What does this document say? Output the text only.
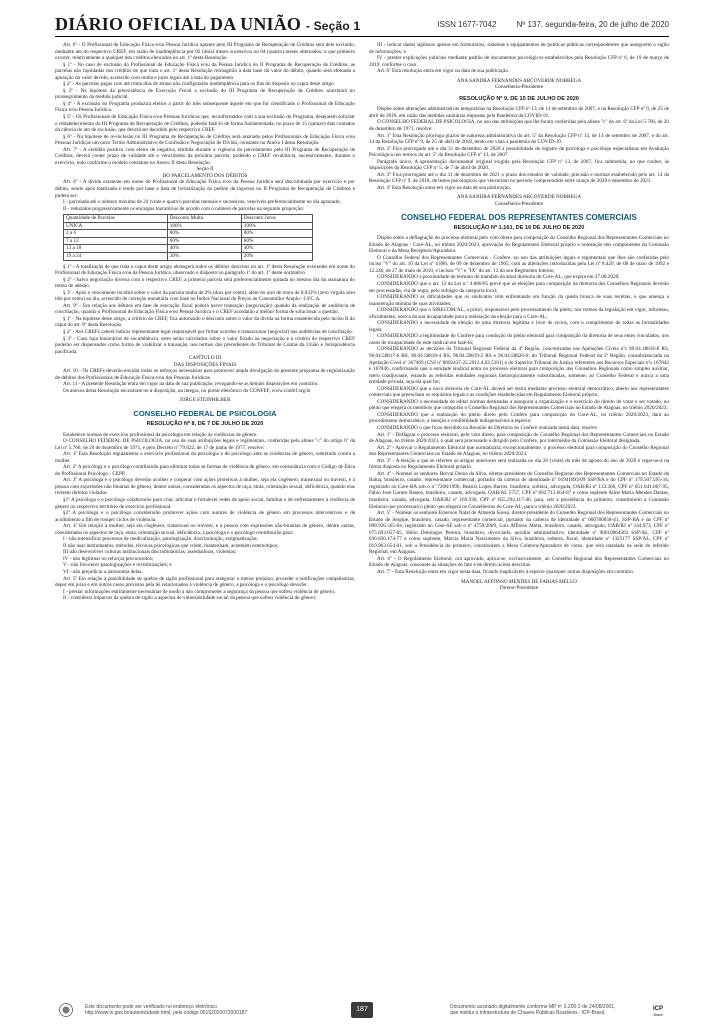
DIÁRIO OFICIAL DA UNIÃO - Seção 1	ISSN 1677-7042	Nº 137, segunda-feira, 20 de julho de 2020

Art. 6º - O Profissional de Educação Física e/ou Pessoa Jurídica optante pelo III Programa de Recuperação de Créditos será dele excluído, mediante ato do respectivo CREF, em razão de inadimplência por 02 (dois) meses sucessivos ou 04 (quatro) meses alternados, o que primeiro ocorrer, relativamente a qualquer dos créditos elencados no art. 1º desta Resolução.

§ 1º - No caso de exclusão do Profissional de Educação Física e/ou da Pessoa Jurídica do II Programa de Recuperação de Créditos, as parcelas não liquidadas dos créditos de que trata o art. 1º desta Resolução retroagirão à data base do valor do débito, quando será efetuada a apuração do valor devido, acrescido com multa e juros legais até a data do pagamento.

§ 2º - As parcelas pagas com até trinta dias de atraso não configurarão inadimplência para os fins do disposto no caput deste artigo.

§ 3º - Na hipótese da preexistência de Execução Fiscal a exclusão do III Programa de Recuperação de Créditos acarretará no prosseguimento da medida judicial.

§ 4º - A exclusão do Programa produzirá efeitos a partir do mês subsequente àquele em que for cientificado o Profissional de Educação Física e/ou Pessoa Jurídica.

§ 5º - Os Profissionais de Educação Física e/ou Pessoas Jurídicas que, inconformados com a sua exclusão do Programa, desejarem solicitar o restabelecimento do III Programa de Recuperação de Créditos, poderão fazê-lo de forma fundamentada, no prazo de 15 (quinze) dias contados da ciência do ato de exclusão, que deverá ser decidido pelo respectivo CREF.

§ 6º - Na hipótese de re-inclusão no III Programa de Recuperação de Créditos será assinado pelos Profissionais de Educação Física e/ou Pessoas Jurídicas um novo Termo Administrativo de Confissão e Negociação de Dívida, constante no Anexo I desta Resolução.

Art. 7º - A certidão positiva com efeito de negativa, emitida durante a vigência do parcelamento pelo III Programa de Recuperação de Créditos, deverá conter prazo de validade até o vencimento da próxima parcela, podendo o CREF revalidá-la, sucessivamente, durante o exercício, tudo conforme o modelo constante no Anexo II desta Resolução.

Seção II

DO PARCELAMENTO DOS DÉBITOS

Art. 8º - A dívida existente em nome do Profissional de Educação Física e/ou da Pessoa Jurídica será discriminada por exercício e por débito, sendo após totalizada e tendo por base a data de formalização do pedido de ingresso no II Programa de Recuperação de Créditos e poderá ser:

I - parcelada até o número máximo de 24 (vinte e quatro) parcelas mensais e sucessivas, vencíveis preferencialmente no dia aprazado;

II - reduzidos progressivamente os encargos moratórios de acordo com o número de parcelas na seguinte proporção:

Quantidade de Parcelas	Desconto Multa	Desconto Juros
ÚNICA	100%	100%
2 a 6	80%	80%
7 a 12	60%	60%
13 a 18	40%	40%
19 a 24	20%	20%

§ 1º - A totalização de que trata o caput deste artigo abrangerá todos os débitos descritos no art. 1º desta Resolução existentes em nome do Profissional de Educação Física e/ou da Pessoa Jurídica, observado o disposto no parágrafo 1º do art. 1º deste normativo.

§ 2º - Salvo negociação diversa com o respectivo CREF, a primeira parcela será preferencialmente quitada no mesmo dia da assinatura do termo de adesão.

§ 3º - Após o vencimento incidirá sobre o valor da parcela multa de 2% (dois por cento), além do juro de mora de 0,033% (zero vírgula zero três por cento) ao dia, acrescido de correção monetária com base no Índice Nacional de Preços ao Consumidor Amplo - I.P.C.A.

Art. 9º - Em relação aos débitos em fase de execução fiscal poderá haver transação (negociação) quando da realização de audiência de conciliação, quando o Profissional de Educação Física e/ou Pessoa Jurídica e o CREF acordarão a melhor forma de solucionar a questão.

§ 1º - Na hipótese deste artigo, a critério do CREF, fica autorizado o desconto sobre o valor da dívida na forma estabelecida pelo inciso II do caput do art. 8º desta Resolução.

§ 2º - Aos CREFs caberá indicar representante legal responsável por firmar acordos e transacionar (negociar) nas audiências de conciliação.

§ 3º - Caso haja honorários de sucumbência, estes serão calculados sobre o valor fixado na negociação e a critério do respectivo CREF poderão ser dispensados como forma de viabilizar a transação, nos termos dos precedentes do Tribunal de Contas da União e Jurisprudência pacificada.

CAPÍTULO III

DAS DISPOSIÇÕES FINAIS

Art. 10 - Os CREFs deverão envidar todos os esforços necessários para promover ampla divulgação do presente programa de regularização de débitos dos Profissionais de Educação Física e/ou das Pessoas Jurídicas.

Art. 11 - A presente Resolução entra em vigor na data de sua publicação, revogando-se as demais disposições em contrário.

Os anexos desta Resolução encontram-se à disposição, na íntegra, no portal eletrônico do CONFEF, www.confef.org.br

JORGE STEINHILBER

CONSELHO FEDERAL DE PSICOLOGIA
RESOLUÇÃO Nº 8, DE 7 DE JULHO DE 2020

Estabelece normas de exercício profissional da psicologia em relação às violências de gênero.

O CONSELHO FEDERAL DE PSICOLOGIA, no uso de suas atribuições legais e regimentais, conferidas pela alínea "c" do artigo 6º da Lei nº 5.766, de 20 de dezembro de 1971, e pelo Decreto nº 79.822, de 17 de junho de 1977, resolve:

Art. 1º Esta Resolução regulamenta o exercício profissional da psicologia e do psicólogo ante as violências de gênero, sobretudo contra a mulher.

Art. 2º A psicóloga e o psicólogo contribuirão para eliminar todas as formas de violência de gênero, em consonância com o Código de Ética do Profissional Psicólogo - CEPP.

Art. 3º A psicóloga e o psicólogo deverão acolher e cooperar com ações protetivas à mulher, seja ela cisgênero, transexual ou travesti, e à pessoa com expressões não binárias de gênero, dentre outras, consideradas os aspectos de raça, etnia, orientação sexual, deficiência, quando elas tiverem direitos violados.

§1º A psicóloga e o psicólogo colaborarão para criar, articular e fortalecer redes de apoio social, familiar e de enfrentamento à violência de gênero no respectivo território de exercício profissional.

§2º A psicóloga e o psicólogo considerarão promover ações com autores de violência de gênero em processos interventivos e de acolhimento a fim de romper ciclos de violência.

Art. 4º Em relação à mulher, seja ela cisgênero, transexual ou travesti, e à pessoa com expressões não-binárias de gênero, dentre outras, considerados os aspectos de raça, etnia, orientação sexual, deficiência, a psicóloga e o psicólogo contribuirão para:

I - não intensificar processos de medicalização, patologização, discriminação, estigmatização;

II não usar instrumentos, métodos, técnicas psicológicas que criem, mantenham, acentuem estereótipos;

III não desenvolver culturas institucionais discriminatórias, assediadoras, violentas;

IV - não legitimar ou reforçar preconceitos;

V - não favorecer patologizações e revitimizações; e

VI - não prejudicar a autonomia delas.

Art. 5º Em relação à possibilidade de quebra de sigilo profissional para assegurar o menor prejuízo, proceder a notificações compulsórias, depor em juízo e em outros casos previstos pela lei relacionados à violência de gênero, a psicóloga e o psicólogo deverão:

I - prestar informações estritamente necessárias de modo a não comprometer a segurança da pessoa que sofreu violência de gênero;

II - considerar impactos da quebra de sigilo a aspectos de vulnerabilidade social da pessoa que sofreu violência de gênero;

III - indicar dados sigilosos apenas em formulários, sistemas e equipamentos de políticas públicas correspondentes que assegurem o sigilo de informações; e

IV - prestar explicações judiciais mediante padrão de documentos psicológicos estabelecidos pela Resolução CFP nº 6, de 19 de março de 2019, conforme o caso.

Art. 6º Esta resolução entra em vigor na data de sua publicação.

ANA SANDRA FERNANDES ARCOVERDE NOBREGA

Conselheira-Presidente

RESOLUÇÃO Nº 9, DE 15 DE JULHO DE 2020

Dispõe sobre alterações administrativas temporárias na Resolução CFP nº 13, de 14 de setembro de 2007, e na Resolução CFP nº 9, de 25 de abril de 2018, em razão das medidas sanitárias impostas pela Pandemia da COVID-19.

O CONSELHO FEDERAL DE PSICOLOGIA, no uso das atribuições que lhe foram conferidas pela alínea "c" do art. 6º da Lei 5.766, de 20 de dezembro de 1971, resolve:

Art. 1º Esta Resolução prorroga prazos de natureza administrativa do art. 5º da Resolução CFP nº 13, de 14 de setembro de 2007, e do art. 14 da Resolução CFP nº 9, de 25 de abril de 2018, tendo em vista a pandemia do COVID-19.

Art. 2º Fica prorrogado até o dia 31 de dezembro de 2020 a possibilidade de registro de psicóloga e psicólogo especialistas em Avaliação Psicológica nos termos do art. 5º da Resolução CFP nº 13, de 2007.

Parágrafo único. A apresentação documental original exigida pela Resolução CFP nº 13, de 2007, fica submetida, no que couber, às disposições da Resolução CFP nº 5, de 7 de abril de 2020.

Art. 3º Fica prorrogado até o dia 31 de dezembro de 2021 o prazo dos estudos de validade, precisão e normas estabelecido pelo art. 14 da Resolução CFP nº 9, de 2018, de testes psicológicos que venceriam no período compreendido entre março de 2020 e dezembro de 2021.

Art. 4º Esta Resolução entra em vigor na data de sua publicação.

ANA SANDRA FERNANDES ARCOVERDE NOBREGA

Conselheira-Presidente

CONSELHO FEDERAL DOS REPRESENTANTES COMERCIAIS
RESOLUÇÃO Nº 1.161, DE 16 DE JULHO DE 2020

Dispõe sobre a deflagração do processo eleitoral pelo voto direto para composição do Conselho Regional dos Representantes Comerciais no Estado de Alagoas - Core-AL, no triênio 2020/2023, aprovação do Regulamento Eleitoral próprio e nomeação dos componentes da Comissão Eleitoral e da Mesa Receptora/Apuradora.

O Conselho Federal dos Representantes Comerciais - Confere, no uso das atribuições legais e regimentais que lhes são conferidas pelo inciso "V" do art. 10 da Lei nº 4.886, de 09 de dezembro de 1965, com as alterações introduzidas pela Lei nº 8.420, de 08 de maio de 1992 e 12.246, de 27 de maio de 2010, e incisos "V" e "IX" do art. 12 do seu Regimento Interno,

CONSIDERANDO a proximidade do término do mandato da atual diretoria do Core-AL, que expira em 27.08.2020;

CONSIDERANDO que o art. 12 da Lei n.º 4.886/65 prevê que as eleições para composição da diretoria dos Conselhos Regionais deverão ser processadas, via de regra, pelo sufrágio da categoria local;

CONSIDERANDO as dificuldades que os sindicatos vêm enfrentando em função da queda brusca de suas receitas, o que ameaça a manutenção mínima de suas atividades;

CONSIDERANDO que o SIRECOM/AL, a priori, responsável pelo processamento do pleito, nos termos da legislação em vigor, informou, oficialmente, acerca da sua incapacidade para a realização da eleição para o Core-AL;

CONSIDERANDO a necessidade de eleição de uma diretoria legítima e livre de vícios, com o cumprimento de todas as formalidades legais;

CONSIDERANDO a legitimidade do Confere para condução do pleito eleitoral para composição da diretoria de seus entes vinculados, nos casos de incapacidade do ente sindical em fazê-lo;

CONSIDERANDO as decisões do Tribunal Regional Federal da 4ª Região, concretizadas nas Apelações Cíveis nºs 96.04.38816-8 RS, 96.04.58817-6 RS, 96.04.58818-4 RS, 96.04.58819-2 RS e 96.04.58820-6; do Tribunal Regional Federal da 2ª Região, consubstanciada na Apelação Cível nº 367469 (CNJ nº 0002437-25.2012.4.02.5101) e do Superior Tribunal de Justiça referentes aos Recursos Especiais nºs 167842 e 167846, confirmando que a entidade sindical entra no processo eleitoral para composição dos Conselhos Regionais como simples auxiliar, mero coadjuvante, estando as referidas entidades regionais hierarquicamente subordinadas, somente, ao Conselho Federal e nunca a uma entidade privada, seja ela qual for;

CONSIDERANDO que a nova diretoria do Core-AL deverá ser eleita mediante processo eleitoral democrático, aberto aos representantes comerciais que preencham os requisitos legais e as condições estabelecidas em Regulamento Eleitoral próprio;

CONSIDERANDO a necessidade de editar normas destinadas a assegurar a organização e o exercício do direito de votar e ser votado, no pleito que elegerá os membros que comporão o Conselho Regional dos Representantes Comerciais no Estado de Alagoas, no triênio 2020/2023;

CONSIDERANDO que a realização do pleito direto pelo Confere para composição do Core-AL, no triênio 2020/2023, dará ao procedimento democrático, a isenção e credibilidade indispensáveis à espécie;

CONSIDERANDO o que ficou decidido na Reunião de Diretoria do Confere realizada nesta data, resolve:

Art. 1º - Deflagrar o processo eleitoral, pelo voto direto, para composição do Conselho Regional dos Representantes Comerciais no Estado de Alagoas, no triênio 2020/2023, o qual será processado e dirigido pelo Confere, por intermédio da Comissão Eleitoral designada.

Art. 2º - Aprovar o Regulamento Eleitoral que normatizará, excepcionalmente, o processo eleitoral para composição do Conselho Regional dos Representantes Comerciais no Estado de Alagoas, no triênio 2020/2023.

Art. 3º - A eleição a que se referem os artigos anteriores será realizada no dia 20 (vinte) do mês de agosto do ano de 2020 e reger-se-á na forma disposta no Regulamento Eleitoral próprio.

Art. 4º - Nomear os senhores Herval Dorea da Silva, diretor-presidente do Conselho Regional dos Representantes Comerciais no Estado da Bahia, brasileiro, casado, representante comercial, portador da carteira de identidade nº 01941893/09 SSP/BA e do CPF nº 179.507.595-34, registrado no Core-BA sob o nº 7268/1990, Beatriz Lopes Barros, brasileira, solteira, advogada, OAB/RJ nº 133.366, CPF nº 051.641.067-95, Fábio José Gomes Bastos, brasileiro, casado, advogado, OAB/AL 5757, CPF nº 662.712.664-87 e como suplente Aline Maria Mendes Dantas, brasileira, casada, advogada, OAB/RJ nº 169.930, CPF nº 055.294.117-46, para, sob a presidência do primeiro, constituírem a Comissão Eleitoral que processará o pleito que elegerá os Conselheiros do Core-AL, para o triênio 2020/2023.

Art. 5º - Nomear os senhores Emerson Natal de Almeida Sousa, diretor-presidente do Conselho Regional dos Representantes Comerciais no Estado de Sergipe, brasileiro, casado, representante comercial, portador da carteira de identidade nº 000780058-41, SSP-BA e do CPF nº 098.926.565-04, registrado no Core-SE sob o nº 4759/2009, Luiz Affonso Motta, brasileiro, casado, advogado, OAB/RJ nº 144.973, CPF nº 075.693.657-05, Hélio Domingos Pereira, brasileiro, divorciado, auxiliar administrativo, identidade nº 98010864303 SSP/AL, CPF nº 036.836.174-77 e como suplente, Márcia Maria Nascimento da Silva, brasileira, solteira, fiscal, identidade nº 1325177 SSP/AL, CPF nº 019.963.654-01, sob a Presidência do primeiro, constituírem a Mesa Coletora/Apuradora de votos, que será instalada na sede do referido Regional, em Alagoas.

Art. 6º - O Regulamento Eleitoral, ora aprovado, aplica-se, exclusivamente, ao Conselho Regional dos Representantes Comerciais no Estado de Alagoas, consoante às situações de fato e de direito acima descritas.

Art. 7º - Esta Resolução entra em vigor nesta data, ficando inaplicáveis à espécie quaisquer outras disposições em contrário.

MANOEL AFFONSO MENDES DE FARIAS MELLO

Diretor-Presidente

Este documento pode ser verificado no endereço eletrônico
http://www.in.gov.br/autenticidade.html, pelo código 05152020072000187	187	Documento assinado digitalmente conforme MP nº 2.200-2 de 24/08/2001,
que institui a Infraestrutura de Chaves Públicas Brasileira - ICP-Brasil.
ICP
Brasil
